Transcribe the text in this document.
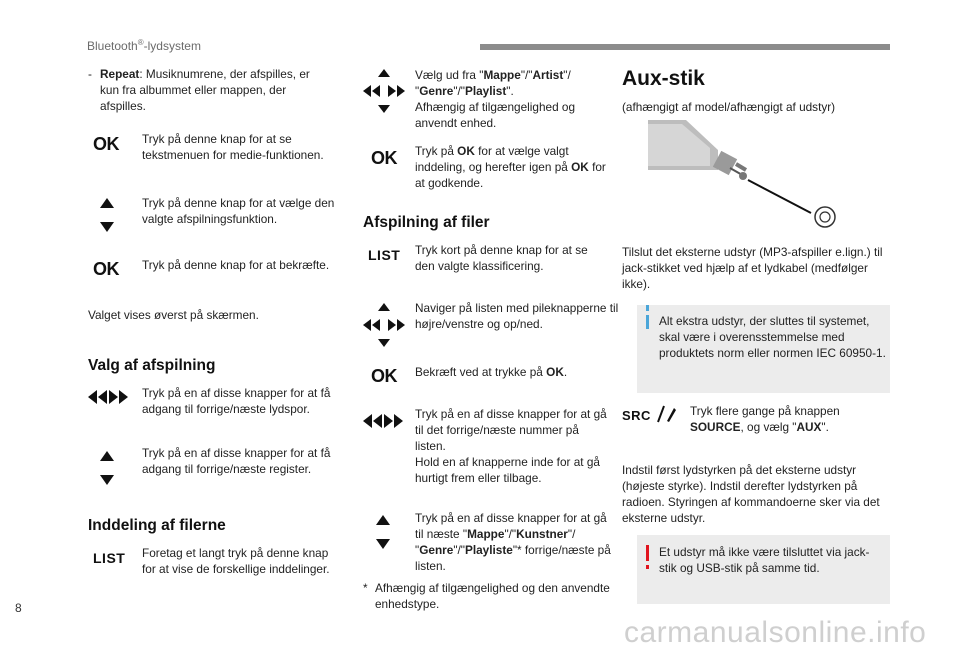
Bluetooth®-lydsystem
- Repeat: Musiknumrene, der afspilles, er kun fra albummet eller mappen, der afspilles.
OK Tryk på denne knap for at se tekstmenuen for medie-funktionen.
Tryk på denne knap for at vælge den valgte afspilningsfunktion.
OK Tryk på denne knap for at bekræfte.
Valget vises øverst på skærmen.
Valg af afspilning
Tryk på en af disse knapper for at få adgang til forrige/næste lydspor.
Tryk på en af disse knapper for at få adgang til forrige/næste register.
Inddeling af filerne
LIST Foretag et langt tryk på denne knap for at vise de forskellige inddelinger.
Vælg ud fra "Mappe"/"Artist"/ "Genre"/"Playlist".
Afhængig af tilgængelighed og anvendt enhed.
OK Tryk på OK for at vælge valgt inddeling, og herefter igen på OK for at godkende.
Afspilning af filer
LIST Tryk kort på denne knap for at se den valgte klassificering.
Naviger på listen med pileknapperne til højre/venstre og op/ned.
OK Bekræft ved at trykke på OK.
Tryk på en af disse knapper for at gå til det forrige/næste nummer på listen.
Hold en af knapperne inde for at gå hurtigt frem eller tilbage.
Tryk på en af disse knapper for at gå til næste "Mappe"/"Kunstner"/ "Genre"/"Playliste"* forrige/næste på listen.
* Afhængig af tilgængelighed og den anvendte enhedstype.
Aux-stik
(afhængigt af model/afhængigt af udstyr)
Tilslut det eksterne udstyr (MP3-afspiller e.lign.) til jack-stikket ved hjælp af et lydkabel (medfølger ikke).
Alt ekstra udstyr, der sluttes til systemet, skal være i overensstemmelse med produktets norm eller normen IEC 60950-1.
SRC	Tryk flere gange på knappen SOURCE, og vælg "AUX".
Indstil først lydstyrken på det eksterne udstyr (højeste styrke). Indstil derefter lydstyrken på radioen. Styringen af kommandoerne sker via det eksterne udstyr.
Et udstyr må ikke være tilsluttet via jack-stik og USB-stik på samme tid.
8
carmanualsonline.info
